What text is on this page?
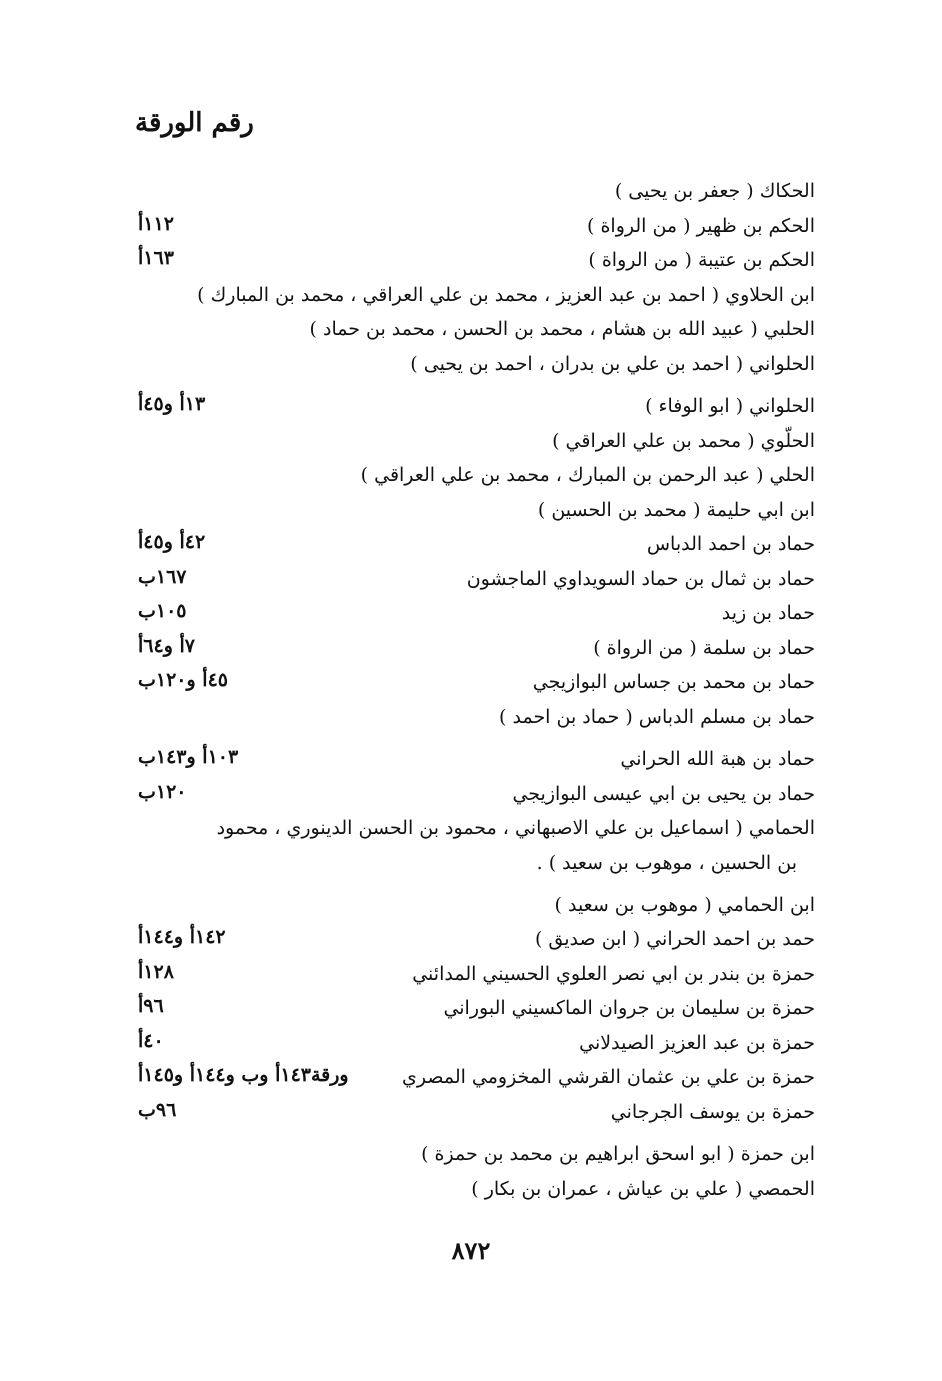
رقم الورقة
الحكاك ( جعفر بن يحيى )
الحكم بن ظهير ( من الرواة )
١١٢أ
الحكم بن عتيبة ( من الرواة )
١٦٣أ
ابن الحلاوي ( احمد بن عبد العزيز ، محمد بن علي العراقي ، محمد بن المبارك )
الحلبي ( عبيد الله بن هشام ، محمد بن الحسن ، محمد بن حماد )
الحلواني ( احمد بن علي بن بدران ، احمد بن يحيى )
الحلواني ( ابو الوفاء )
١٣أ و٤٥أ
الحلّوي ( محمد بن علي العراقي )
الحلي ( عبد الرحمن بن المبارك ، محمد بن علي العراقي )
ابن ابي حليمة ( محمد بن الحسين )
حماد بن احمد الدباس
٤٢أ و٤٥أ
حماد بن ثمال بن حماد السويداوي الماجشون
١٦٧ب
حماد بن زيد
١٠٥ب
حماد بن سلمة ( من الرواة )
٧أ و٦٤أ
حماد بن محمد بن جساس البوازيجي
٤٥أ و١٢٠ب
حماد بن مسلم الدباس ( حماد بن احمد )
حماد بن هبة الله الحراني
١٠٣أ و١٤٣ب
حماد بن يحيى بن ابي عيسى البوازيجي
١٢٠ب
الحمامي ( اسماعيل بن علي الاصبهاني ، محمود بن الحسن الدينوري ، محمود
بن الحسين ، موهوب بن سعيد ) .
ابن الحمامي ( موهوب بن سعيد )
حمد بن احمد الحراني ( ابن صديق )
١٤٢أ و١٤٤أ
حمزة بن بندر بن ابي نصر العلوي الحسيني المدائني
١٢٨أ
حمزة بن سليمان بن جروان الماكسيني البوراني
٩٦أ
حمزة بن عبد العزيز الصيدلاني
٤٠أ
حمزة بن علي بن عثمان القرشي المخزومي المصري
ورقة١٤٣أ وب و١٤٤أ و١٤٥أ
حمزة بن يوسف الجرجاني
٩٦ب
ابن حمزة ( ابو اسحق ابراهيم بن محمد بن حمزة )
الحمصي ( علي بن عياش ، عمران بن بكار )
٨٧٢
